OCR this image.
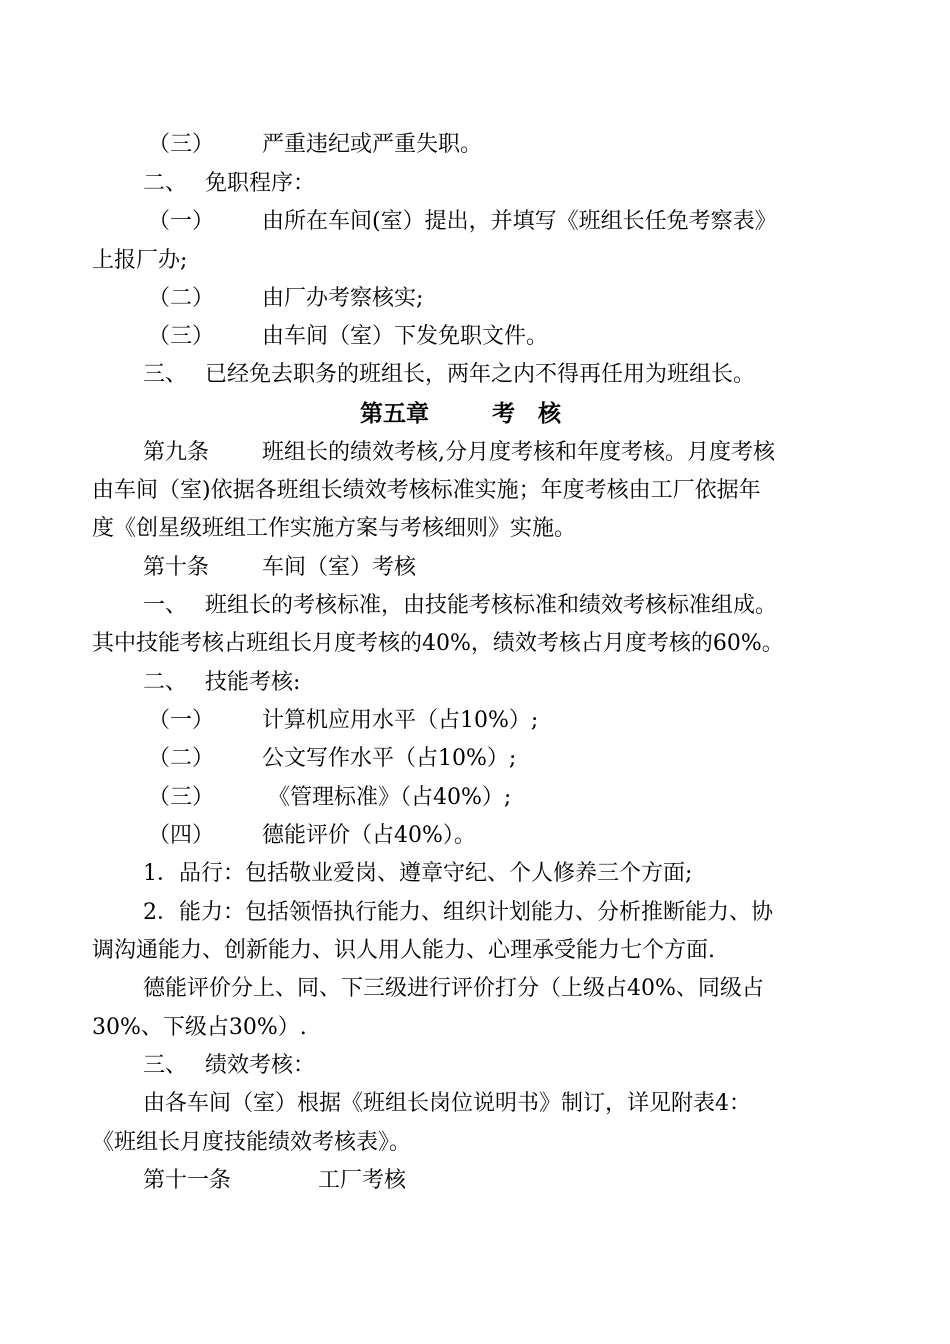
（三） 严重违纪或严重失职。
二、 免职程序：
（一） 由所在车间(室）提出，并填写《班组长任免考察表》
上报厂办;
（二） 由厂办考察核实;
（三） 由车间（室）下发免职文件。
三、 已经免去职务的班组长，两年之内不得再任用为班组长。
第五章	考　核
第九条 班组长的绩效考核,分月度考核和年度考核。月度考核
由车间（室)依据各班组长绩效考核标准实施；年度考核由工厂依据年
度《创星级班组工作实施方案与考核细则》实施。
第十条 车间（室）考核
一、 班组长的考核标准，由技能考核标准和绩效考核标准组成。
其中技能考核占班组长月度考核的40%，绩效考核占月度考核的60%。
二、 技能考核:
（一） 计算机应用水平（占10%）;
（二） 公文写作水平（占10%）;
（三） 《管理标准》（占40%）;
（四） 德能评价（占40%）。
1．品行：包括敬业爱岗、遵章守纪、个人修养三个方面;
2．能力：包括领悟执行能力、组织计划能力、分析推断能力、协
调沟通能力、创新能力、识人用人能力、心理承受能力七个方面.
德能评价分上、同、下三级进行评价打分（上级占40%、同级占
30%、下级占30%）.
三、 绩效考核：
由各车间（室）根据《班组长岗位说明书》制订，详见附表4：
《班组长月度技能绩效考核表》。
第十一条	工厂考核
